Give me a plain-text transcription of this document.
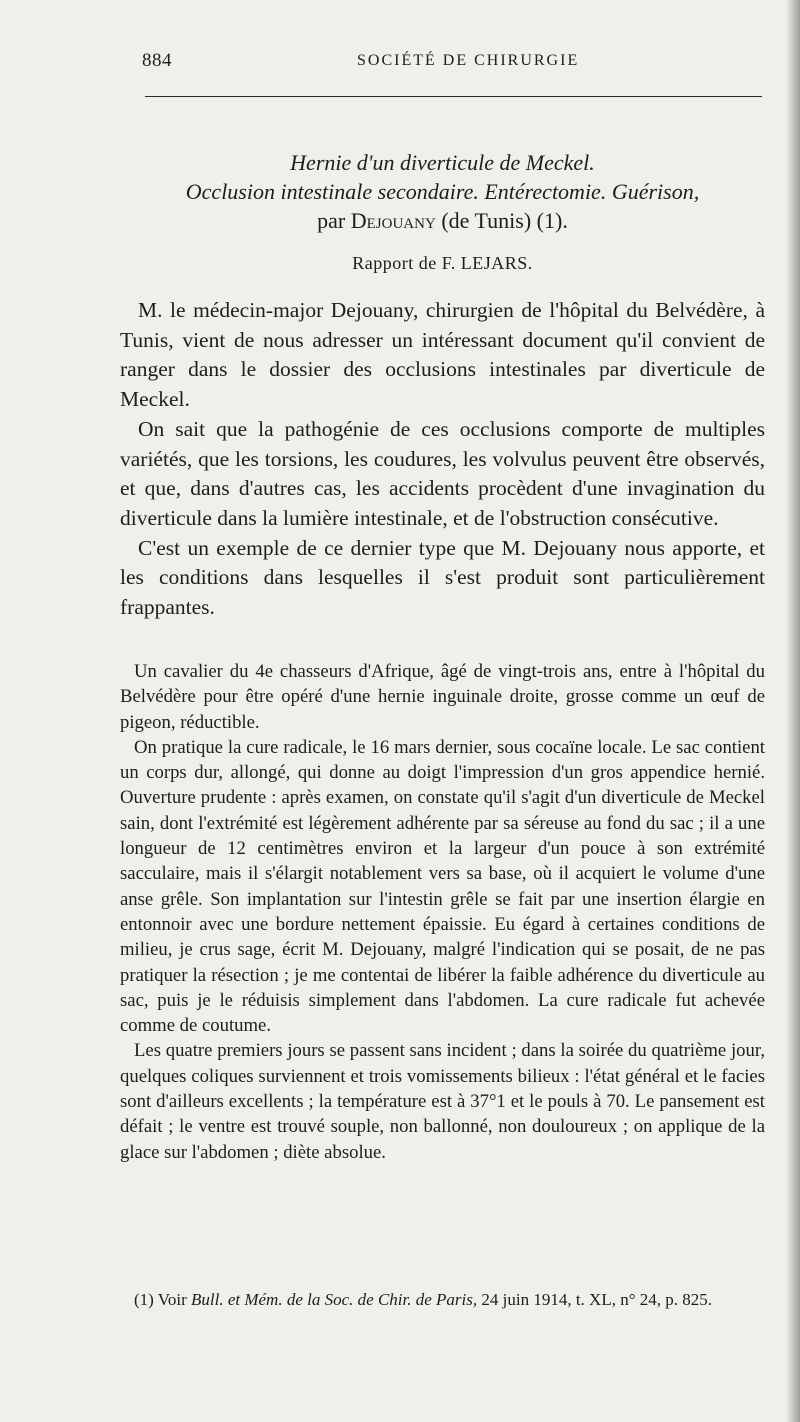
884	SOCIÉTÉ DE CHIRURGIE
Hernie d'un diverticule de Meckel.
Occlusion intestinale secondaire. Entérectomie. Guérison,
par Dejouany (de Tunis) (1).
Rapport de F. LEJARS.

M. le médecin-major Dejouany, chirurgien de l'hôpital du Belvédère, à Tunis, vient de nous adresser un intéressant document qu'il convient de ranger dans le dossier des occlusions intestinales par diverticule de Meckel.

On sait que la pathogénie de ces occlusions comporte de multiples variétés, que les torsions, les coudures, les volvulus peuvent être observés, et que, dans d'autres cas, les accidents procèdent d'une invagination du diverticule dans la lumière intestinale, et de l'obstruction consécutive.

C'est un exemple de ce dernier type que M. Dejouany nous apporte, et les conditions dans lesquelles il s'est produit sont particulièrement frappantes.

Un cavalier du 4e chasseurs d'Afrique, âgé de vingt-trois ans, entre à l'hôpital du Belvédère pour être opéré d'une hernie inguinale droite, grosse comme un œuf de pigeon, réductible.

On pratique la cure radicale, le 16 mars dernier, sous cocaïne locale. Le sac contient un corps dur, allongé, qui donne au doigt l'impression d'un gros appendice hernié. Ouverture prudente : après examen, on constate qu'il s'agit d'un diverticule de Meckel sain, dont l'extrémité est légèrement adhérente par sa séreuse au fond du sac ; il a une longueur de 12 centimètres environ et la largeur d'un pouce à son extrémité sacculaire, mais il s'élargit notablement vers sa base, où il acquiert le volume d'une anse grêle. Son implantation sur l'intestin grêle se fait par une insertion élargie en entonnoir avec une bordure nettement épaissie. Eu égard à certaines conditions de milieu, je crus sage, écrit M. Dejouany, malgré l'indication qui se posait, de ne pas pratiquer la résection ; je me contentai de libérer la faible adhérence du diverticule au sac, puis je le réduisis simplement dans l'abdomen. La cure radicale fut achevée comme de coutume.

Les quatre premiers jours se passent sans incident ; dans la soirée du quatrième jour, quelques coliques surviennent et trois vomissements bilieux : l'état général et le facies sont d'ailleurs excellents ; la température est à 37°1 et le pouls à 70. Le pansement est défait ; le ventre est trouvé souple, non ballonné, non douloureux ; on applique de la glace sur l'abdomen ; diète absolue.

(1) Voir Bull. et Mém. de la Soc. de Chir. de Paris, 24 juin 1914, t. XL, n° 24, p. 825.
